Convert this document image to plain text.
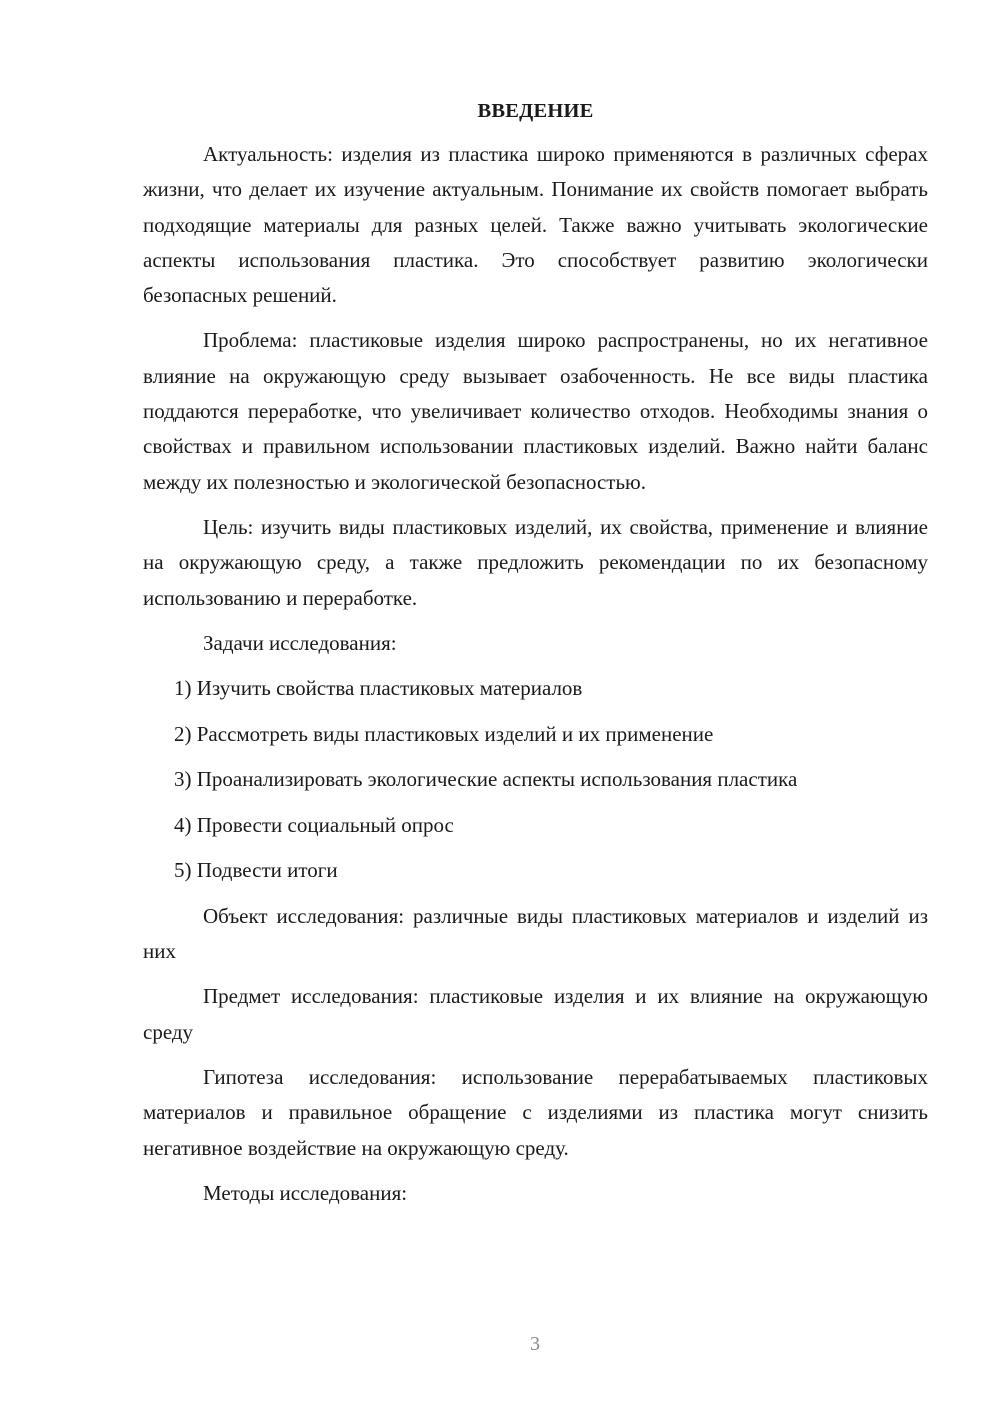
ВВЕДЕНИЕ

Актуальность: изделия из пластика широко применяются в различных сферах жизни, что делает их изучение актуальным. Понимание их свойств помогает выбрать подходящие материалы для разных целей. Также важно учитывать экологические аспекты использования пластика. Это способствует развитию экологически безопасных решений.

Проблема: пластиковые изделия широко распространены, но их негативное влияние на окружающую среду вызывает озабоченность. Не все виды пластика поддаются переработке, что увеличивает количество отходов. Необходимы знания о свойствах и правильном использовании пластиковых изделий. Важно найти баланс между их полезностью и экологической безопасностью.

Цель: изучить виды пластиковых изделий, их свойства, применение и влияние на окружающую среду, а также предложить рекомендации по их безопасному использованию и переработке.

Задачи исследования:

1) Изучить свойства пластиковых материалов

2) Рассмотреть виды пластиковых изделий и их применение

3) Проанализировать экологические аспекты использования пластика

4) Провести социальный опрос

5) Подвести итоги

Объект исследования: различные виды пластиковых материалов и изделий из них

Предмет исследования: пластиковые изделия и их влияние на окружающую среду

Гипотеза исследования: использование перерабатываемых пластиковых материалов и правильное обращение с изделиями из пластика могут снизить негативное воздействие на окружающую среду.

Методы исследования:

3
